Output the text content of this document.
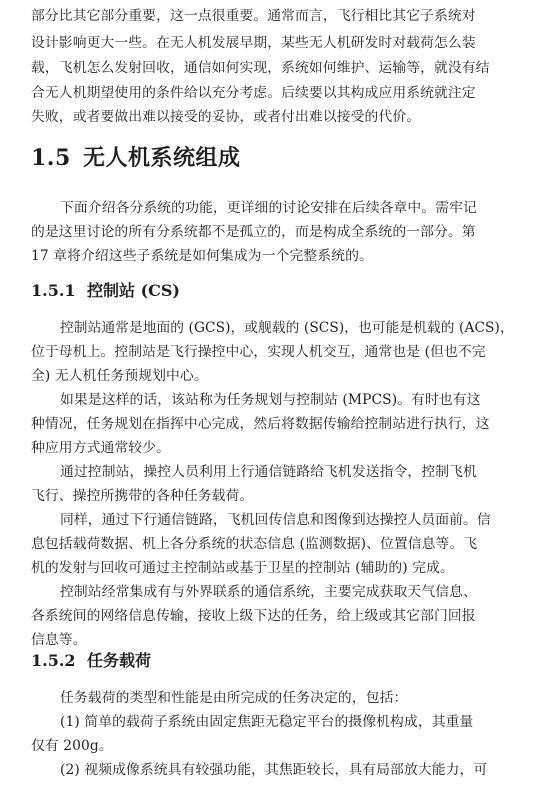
部分比其它部分重要，这一点很重要。通常而言，飞行相比其它子系统对
设计影响更大一些。在无人机发展早期，某些无人机研发时对载荷怎么装
载，飞机怎么发射回收，通信如何实现，系统如何维护、运输等，就没有结
合无人机期望使用的条件给以充分考虑。后续要以其构成应用系统就注定
失败，或者要做出难以接受的妥协，或者付出难以接受的代价。
1.5 无人机系统组成
下面介绍各分系统的功能，更详细的讨论安排在后续各章中。需牢记
的是这里讨论的所有分系统都不是孤立的，而是构成全系统的一部分。第
17 章将介绍这些子系统是如何集成为一个完整系统的。
1.5.1 控制站 (CS)
控制站通常是地面的 (GCS)，或舰载的 (SCS)，也可能是机载的 (ACS)，
位于母机上。控制站是飞行操控中心，实现人机交互，通常也是 (但也不完
全) 无人机任务预规划中心。
如果是这样的话，该站称为任务规划与控制站 (MPCS)。有时也有这
种情况，任务规划在指挥中心完成，然后将数据传输给控制站进行执行，这
种应用方式通常较少。
通过控制站，操控人员利用上行通信链路给飞机发送指令，控制飞机
飞行、操控所携带的各种任务载荷。
同样，通过下行通信链路，飞机回传信息和图像到达操控人员面前。信
息包括载荷数据、机上各分系统的状态信息 (监测数据)、位置信息等。飞
机的发射与回收可通过主控制站或基于卫星的控制站 (辅助的) 完成。
控制站经常集成有与外界联系的通信系统，主要完成获取天气信息、
各系统间的网络信息传输，接收上级下达的任务，给上级或其它部门回报
信息等。
1.5.2 任务载荷
任务载荷的类型和性能是由所完成的任务决定的，包括：
(1) 简单的载荷子系统由固定焦距无稳定平台的摄像机构成，其重量
仅有 200g。
(2) 视频成像系统具有较强功能，其焦距较长，具有局部放大能力，可
